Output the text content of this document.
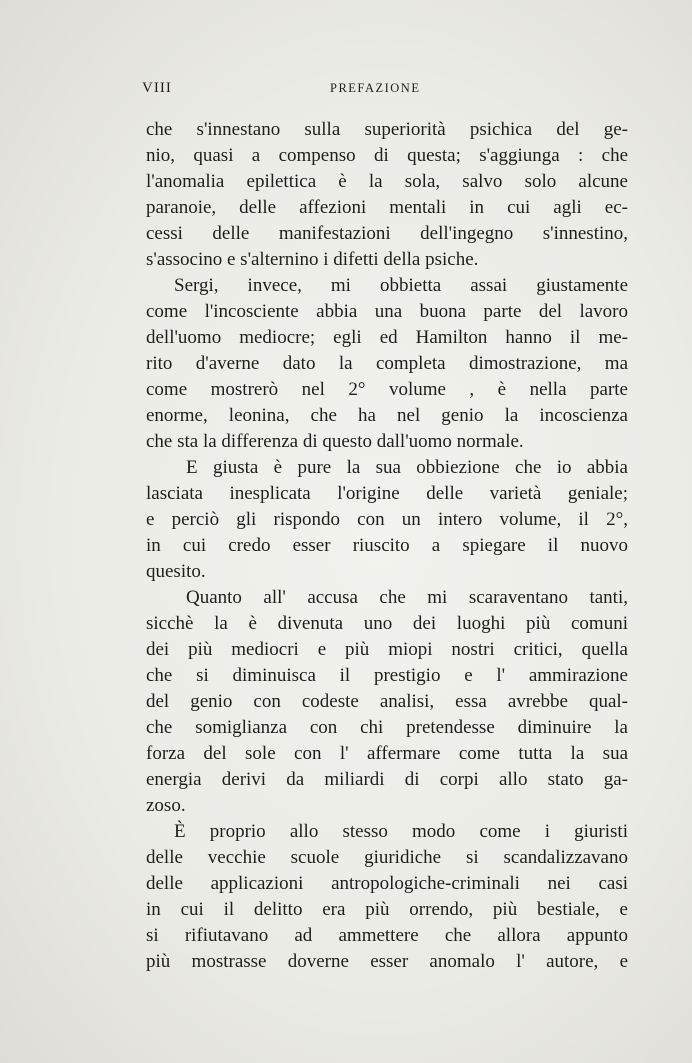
VIII	PREFAZIONE
che s'innestano sulla superiorità psichica del ge-
nio, quasi a compenso di questa; s'aggiunga : che
l'anomalia epilettica è la sola, salvo solo alcune
paranoie, delle affezioni mentali in cui agli ec-
cessi delle manifestazioni dell'ingegno s'innestino,
s'associno e s'alternino i difetti della psiche.
Sergi, invece, mi obbietta assai giustamente
come l'incosciente abbia una buona parte del lavoro
dell'uomo mediocre; egli ed Hamilton hanno il me-
rito d'averne dato la completa dimostrazione, ma
come mostrerò nel 2° volume , è nella parte
enorme, leonina, che ha nel genio la incoscienza
che sta la differenza di questo dall'uomo normale.
E giusta è pure la sua obbiezione che io abbia
lasciata inesplicata l'origine delle varietà geniale;
e perciò gli rispondo con un intero volume, il 2°,
in cui credo esser riuscito a spiegare il nuovo
quesito.
Quanto all' accusa che mi scaraventano tanti,
sicchè la è divenuta uno dei luoghi più comuni
dei più mediocri e più miopi nostri critici, quella
che si diminuisca il prestigio e l' ammirazione
del genio con codeste analisi, essa avrebbe qual-
che somiglianza con chi pretendesse diminuire la
forza del sole con l' affermare come tutta la sua
energia derivi da miliardi di corpi allo stato ga-
zoso.
È proprio allo stesso modo come i giuristi
delle vecchie scuole giuridiche si scandalizzavano
delle applicazioni antropologiche-criminali nei casi
in cui il delitto era più orrendo, più bestiale, e
si rifiutavano ad ammettere che allora appunto
più mostrasse doverne esser anomalo l' autore, e
